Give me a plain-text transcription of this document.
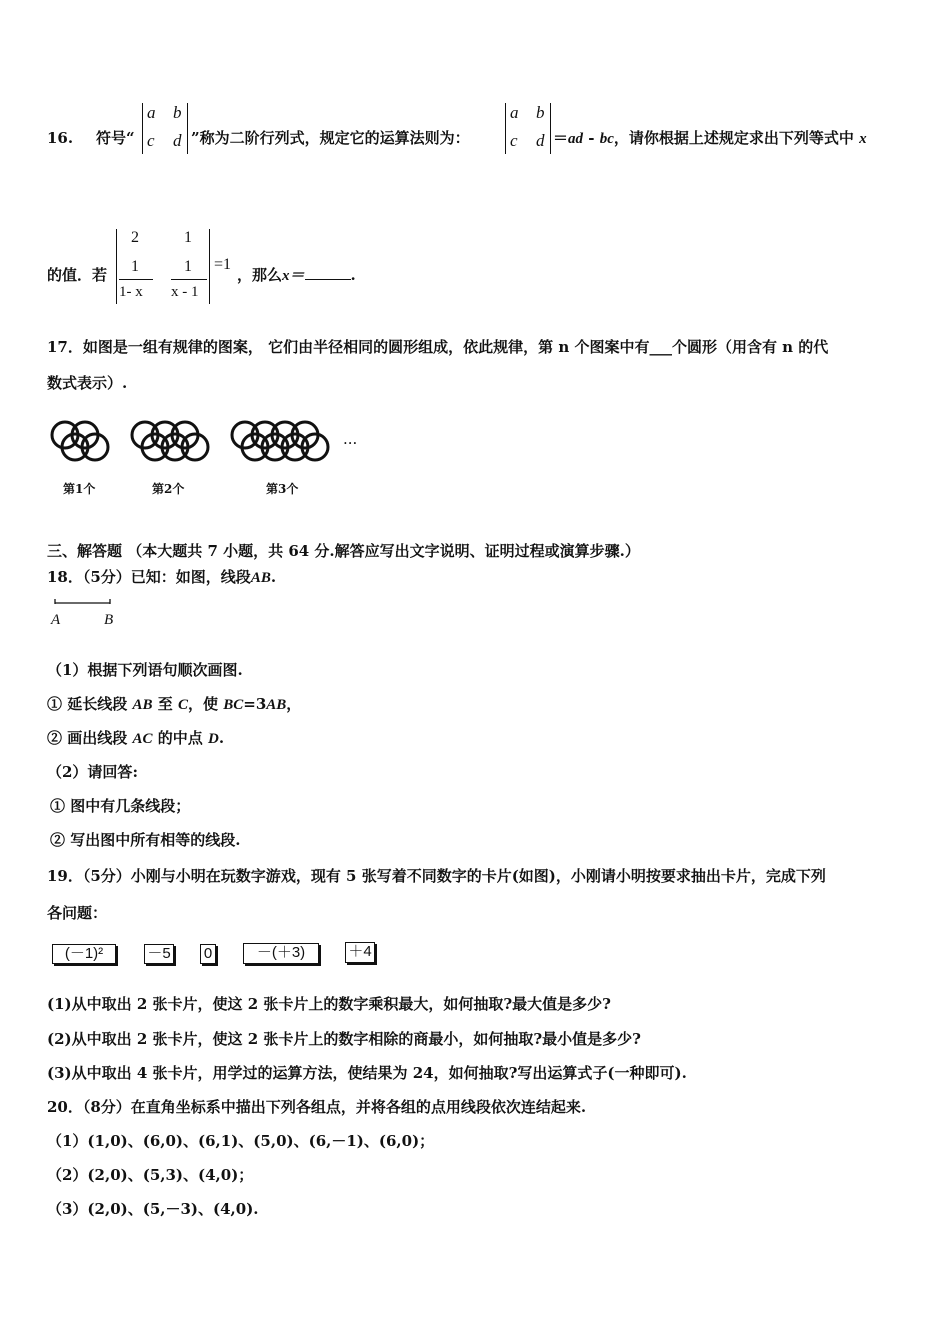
16. 符号“
a b
c d ”称为二阶行列式，规定它的运算法则为：
a b
c d ＝ad - bc，请你根据上述规定求出下列等式中 x
的值．若
2	1
1
1- x
1
x - 1
=1
，那么x＝	.
17．如图是一组有规律的图案， 它们由半径相同的圆形组成，依此规律，第 n 个图案中有___个圆形（用含有 n 的代
数式表示）.
···
第1个	第2个	第3个
三、解答题 （本大题共 7 小题，共 64 分.解答应写出文字说明、证明过程或演算步骤.）
18．（5分）已知：如图，线段AB.
A	B
（1）根据下列语句顺次画图.
① 延长线段 AB 至 C，使 BC=3AB，
② 画出线段 AC 的中点 D.
（2）请回答:
① 图中有几条线段；
② 写出图中所有相等的线段.
19．（5分）小刚与小明在玩数字游戏，现有 5 张写着不同数字的卡片(如图)，小刚请小明按要求抽出卡片，完成下列
各问题：
(－1)²	－5 0	－(＋3)	＋4
(1)从中取出 2 张卡片，使这 2 张卡片上的数字乘积最大，如何抽取?最大值是多少?
(2)从中取出 2 张卡片，使这 2 张卡片上的数字相除的商最小，如何抽取?最小值是多少?
(3)从中取出 4 张卡片，用学过的运算方法，使结果为 24，如何抽取?写出运算式子(一种即可).
20．（8分）在直角坐标系中描出下列各组点，并将各组的点用线段依次连结起来.
（1）(1,0)、(6,0)、(6,1)、(5,0)、(6,－1)、(6,0)；
（2）(2,0)、(5,3)、(4,0)；
（3）(2,0)、(5,－3)、(4,0).
